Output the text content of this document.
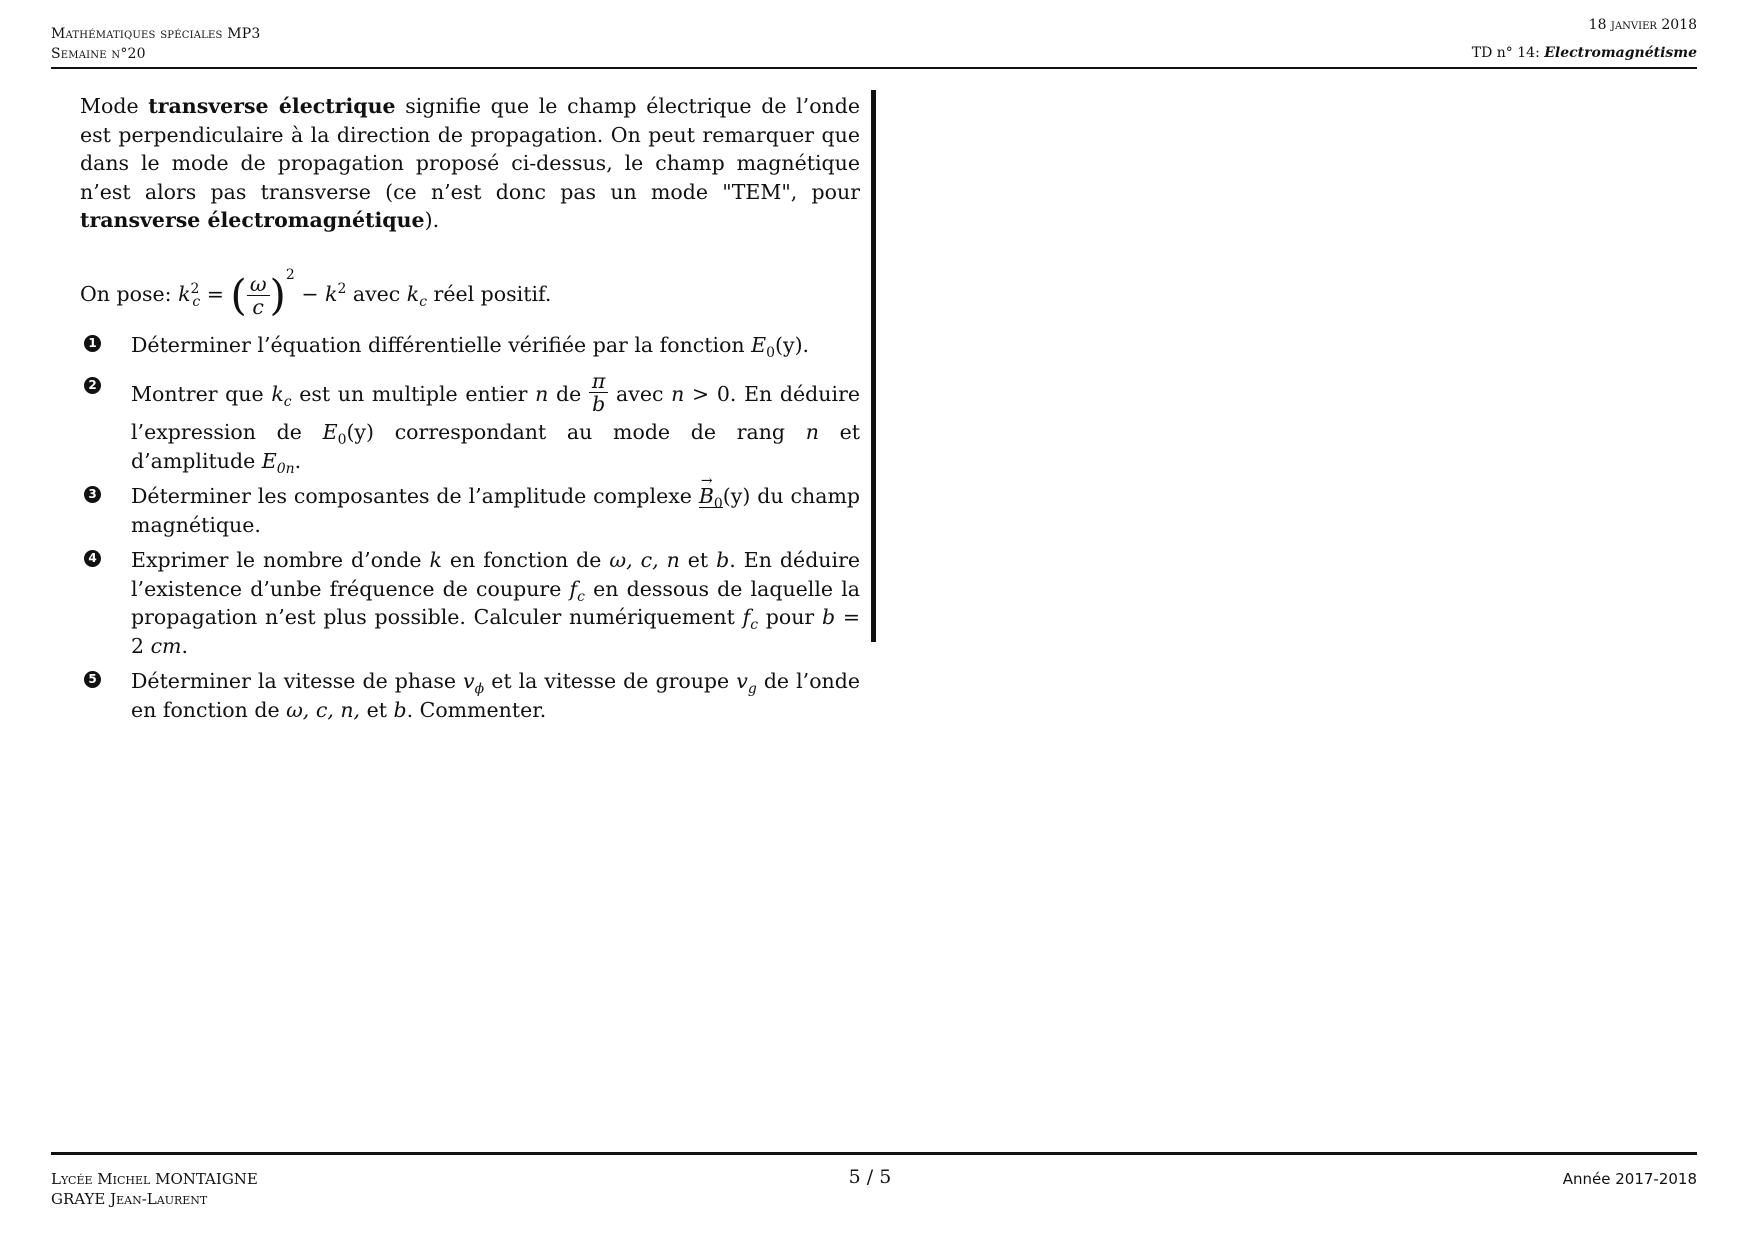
Mathématiques spéciales MP3
Semaine n°20
18 janvier 2018
TD n° 14: Electromagnétisme

Mode transverse électrique signifie que le champ électrique de l’onde est perpendiculaire à la direction de propagation. On peut remarquer que dans le mode de propagation proposé ci-dessus, le champ magnétique n’est alors pas transverse (ce n’est donc pas un mode "TEM", pour transverse électromagnétique).

On pose: $k^2_c$ = ( $\frac{\omega}{c} )^2 - k^2$ avec $k_c$ réel positif.
1 Déterminer l’équation différentielle vérifiée par la fonction $E_0(y)$.
2 Montrer que $k_c$ est un multiple entier n de $\frac{\pi}{b}$ avec n > 0. En déduire l’expression de $E_0(y)$ correspondant au mode de rang n et d’amplitude $E_{0n}$.
3 Déterminer les composantes de l’amplitude complexe → $B_0(y)$ du champ magnétique.
4 Exprimer le nombre d’onde k en fonction de ω, c, n et b. En déduire l’existence d’unbe fréquence de coupure $f_c$ en dessous de laquelle la propagation n’est plus possible. Calculer numériquement $f_c$ pour b = 2 cm.
5 Déterminer la vitesse de phase $v_\phi$ et la vitesse de groupe $v_g$ de l’onde en fonction de ω, c, n, et b. Commenter.
Lycée Michel MONTAIGNE
GRAYE Jean-Laurent
5 / 5	Année 2017-2018
